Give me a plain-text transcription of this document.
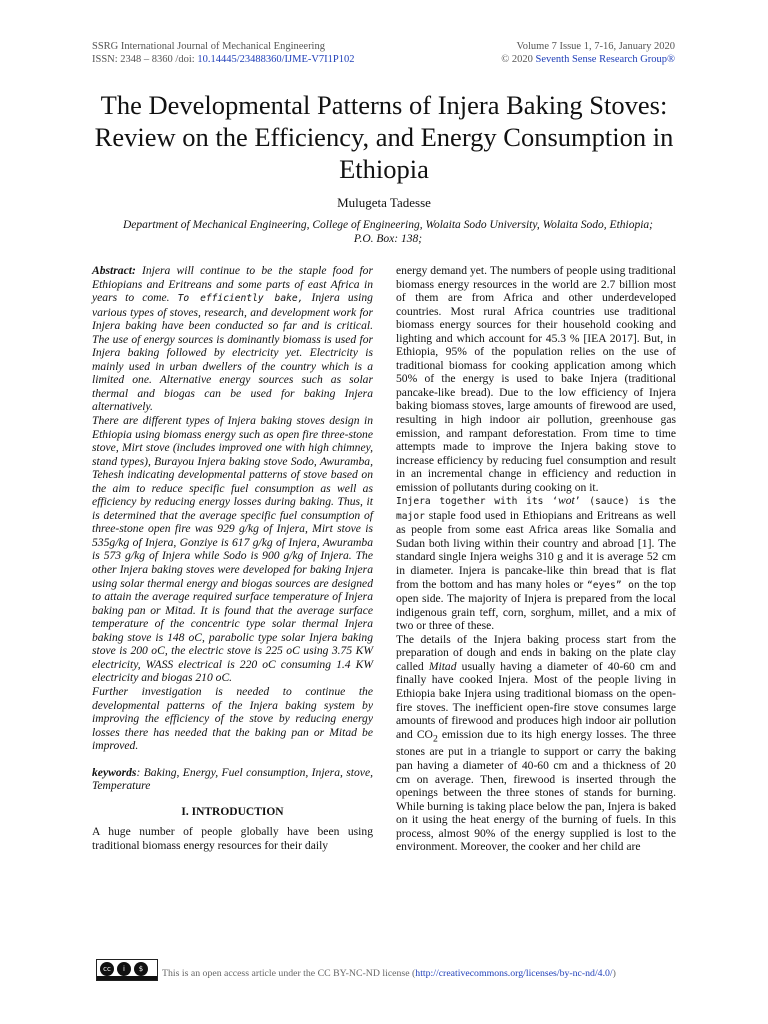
SSRG International Journal of Mechanical Engineering
ISSN: 2348 – 8360 /doi: 10.14445/23488360/IJME-V7I1P102
Volume 7 Issue 1, 7-16, January 2020
© 2020 Seventh Sense Research Group®
The Developmental Patterns of Injera Baking Stoves: Review on the Efficiency, and Energy Consumption in Ethiopia
Mulugeta Tadesse
Department of Mechanical Engineering, College of Engineering, Wolaita Sodo University, Wolaita Sodo, Ethiopia; P.O. Box: 138;

Abstract: Injera will continue to be the staple food for Ethiopians and Eritreans and some parts of east Africa in years to come. To efficiently bake, Injera using various types of stoves, research, and development work for Injera baking have been conducted so far and is critical. The use of energy sources is dominantly biomass is used for Injera baking followed by electricity yet. Electricity is mainly used in urban dwellers of the country which is a limited one. Alternative energy sources such as solar thermal and biogas can be used for baking Injera alternatively.

There are different types of Injera baking stoves design in Ethiopia using biomass energy such as open fire three-stone stove, Mirt stove (includes improved one with high chimney, stand types), Burayou Injera baking stove Sodo, Awuramba, Tehesh indicating developmental patterns of stove based on the aim to reduce specific fuel consumption as well as efficiency by reducing energy losses during baking. Thus, it is determined that the average specific fuel consumption of three-stone open fire was 929 g/kg of Injera, Mirt stove is 535g/kg of Injera, Gonziye is 617 g/kg of Injera, Awuramba is 573 g/kg of Injera while Sodo is 900 g/kg of Injera. The other Injera baking stoves were developed for baking Injera using solar thermal energy and biogas sources are designed to attain the average required surface temperature of Injera baking pan or Mitad. It is found that the average surface temperature of the concentric type solar thermal Injera baking stove is 148 oC, parabolic type solar Injera baking stove is 200 oC, the electric stove is 225 oC using 3.75 KW electricity, WASS electrical is 220 oC consuming 1.4 KW electricity and biogas 210 oC.

Further investigation is needed to continue the developmental patterns of the Injera baking system by improving the efficiency of the stove by reducing energy losses there has needed that the baking pan or Mitad be improved.

keywords: Baking, Energy, Fuel consumption, Injera, stove, Temperature

I. INTRODUCTION

A huge number of people globally have been using traditional biomass energy resources for their daily

energy demand yet. The numbers of people using traditional biomass energy resources in the world are 2.7 billion most of them are from Africa and other underdeveloped countries. Most rural Africa countries use traditional biomass energy sources for their household cooking and lighting and which account for 45.3 % [IEA 2017]. But, in Ethiopia, 95% of the population relies on the use of traditional biomass for cooking application among which 50% of the energy is used to bake Injera (traditional pancake-like bread). Due to the low efficiency of Injera baking biomass stoves, large amounts of firewood are used, resulting in high indoor air pollution, greenhouse gas emission, and rampant deforestation. From time to time attempts made to improve the Injera baking stove to increase efficiency by reducing fuel consumption and result in an incremental change in efficiency and reduction in emission of pollutants during cooking on it.

Injera together with its ‘wot’ (sauce) is the major staple food used in Ethiopians and Eritreans as well as people from some east Africa areas like Somalia and Sudan both living within their country and abroad [1]. The standard single Injera weighs 310 g and it is average 52 cm in diameter. Injera is pancake-like thin bread that is flat from the bottom and has many holes or “eyes” on the top open side. The majority of Injera is prepared from the local indigenous grain teff, corn, sorghum, millet, and a mix of two or three of these.

The details of the Injera baking process start from the preparation of dough and ends in baking on the plate clay called Mitad usually having a diameter of 40-60 cm and finally have cooked Injera. Most of the people living in Ethiopia bake Injera using traditional biomass on the open-fire stoves. The inefficient open-fire stove consumes large amounts of firewood and produces high indoor air pollution and $CO_2$ emission due to its high energy losses. The three stones are put in a triangle to support or carry the baking pan having a diameter of 40-60 cm and a thickness of 20 cm on average. Then, firewood is inserted through the openings between the three stones of stands for burning. While burning is taking place below the pan, Injera is baked on it using the heat energy of the burning of fuels. In this process, almost 90% of the energy supplied is lost to the environment. Moreover, the cooker and her child are

cc	i	$	This is an open access article under the CC BY-NC-ND license (http://creativecommons.org/licenses/by-nc-nd/4.0/)
